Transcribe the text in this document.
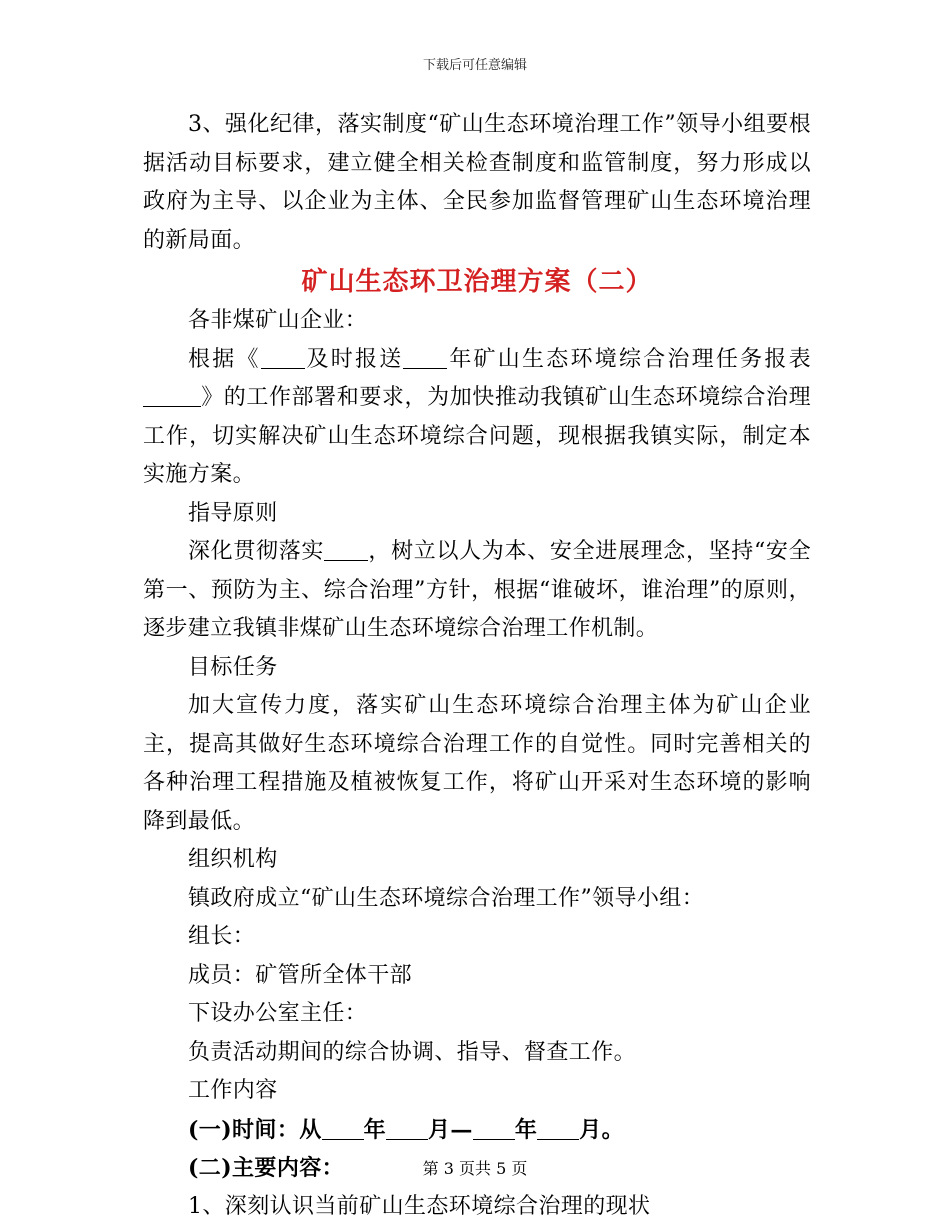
下载后可任意编辑

3、强化纪律，落实制度“矿山生态环境治理工作”领导小组要根据活动目标要求，建立健全相关检查制度和监管制度，努力形成以政府为主导、以企业为主体、全民参加监督管理矿山生态环境治理的新局面。

矿山生态环卫治理方案（二）

各非煤矿山企业：

根据《 及时报送 年矿山生态环境综合治理任务报表》的工作部署和要求，为加快推动我镇矿山生态环境综合治理工作，切实解决矿山生态环境综合问题，现根据我镇实际，制定本实施方案。

指导原则

深化贯彻落实 ，树立以人为本、安全进展理念，坚持“安全第一、预防为主、综合治理”方针，根据“谁破坏，谁治理”的原则，逐步建立我镇非煤矿山生态环境综合治理工作机制。

目标任务

加大宣传力度，落实矿山生态环境综合治理主体为矿山企业主，提高其做好生态环境综合治理工作的自觉性。同时完善相关的各种治理工程措施及植被恢复工作，将矿山开采对生态环境的影响降到最低。

组织机构

镇政府成立“矿山生态环境综合治理工作”领导小组：

组长：

成员：矿管所全体干部

下设办公室主任：

负责活动期间的综合协调、指导、督查工作。

工作内容

(一)时间：从 年 月— 年 月。

(二)主要内容：

1、深刻认识当前矿山生态环境综合治理的现状

第 3 页共 5 页
